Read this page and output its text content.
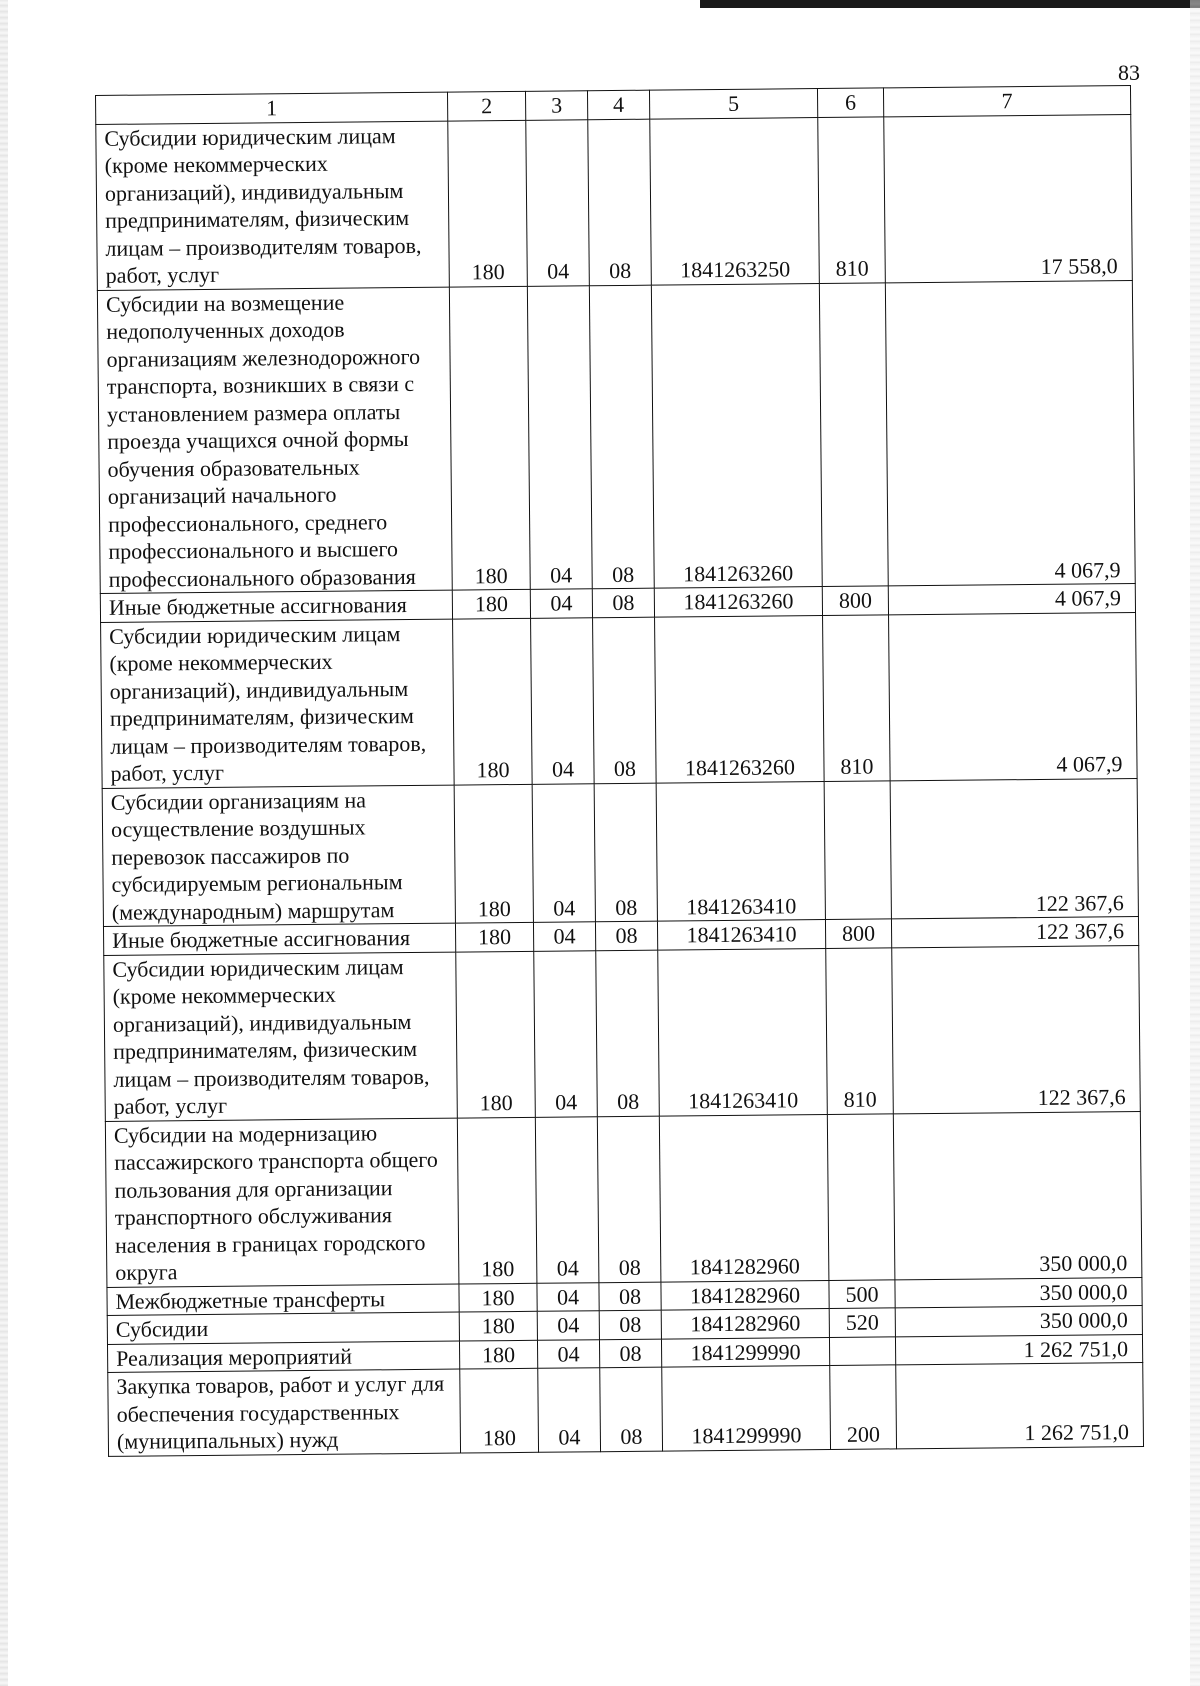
83
1	2	3	4	5	6	7
Субсидии юридическим лицам (кроме некоммерческих организаций), индивидуальным предпринимателям, физическим лицам – производителям товаров, работ, услуг	180	04	08	1841263250	810	17 558,0
Субсидии на возмещение недополученных доходов организациям железнодорожного транспорта, возникших в связи с установлением размера оплаты проезда учащихся очной формы обучения образовательных организаций начального профессионального, среднего профессионального и высшего профессионального образования	180	04	08	1841263260		4 067,9
Иные бюджетные ассигнования	180	04	08	1841263260	800	4 067,9
Субсидии юридическим лицам (кроме некоммерческих организаций), индивидуальным предпринимателям, физическим лицам – производителям товаров, работ, услуг	180	04	08	1841263260	810	4 067,9
Субсидии организациям на осуществление воздушных перевозок пассажиров по субсидируемым региональным (международным) маршрутам	180	04	08	1841263410		122 367,6
Иные бюджетные ассигнования	180	04	08	1841263410	800	122 367,6
Субсидии юридическим лицам (кроме некоммерческих организаций), индивидуальным предпринимателям, физическим лицам – производителям товаров, работ, услуг	180	04	08	1841263410	810	122 367,6
Субсидии на модернизацию пассажирского транспорта общего пользования для организации транспортного обслуживания населения в границах городского округа	180	04	08	1841282960		350 000,0
Межбюджетные трансферты	180	04	08	1841282960	500	350 000,0
Субсидии	180	04	08	1841282960	520	350 000,0
Реализация мероприятий	180	04	08	1841299990		1 262 751,0
Закупка товаров, работ и услуг для обеспечения государственных (муниципальных) нужд	180	04	08	1841299990	200	1 262 751,0
